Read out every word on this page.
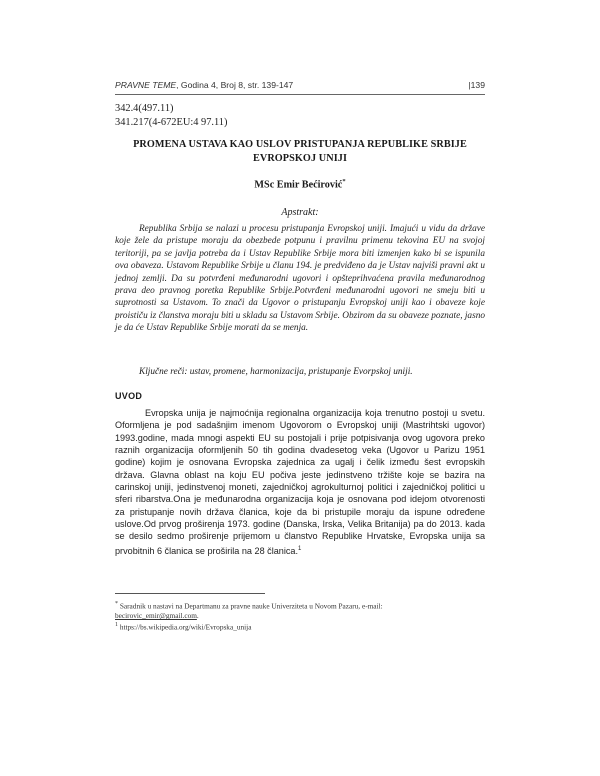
PRAVNE TEME, Godina 4, Broj 8, str. 139-147	|139
342.4(497.11)
341.217(4-672EU:4 97.11)
PROMENA USTAVA KAO USLOV PRISTUPANJA REPUBLIKE SRBIJE EVROPSKOJ UNIJI
MSc Emir Bećirović*
Apstrakt:
Republika Srbija se nalazi u procesu pristupanja Evropskoj uniji. Imajući u vidu da države koje žele da pristupe moraju da obezbede potpunu i pravilnu primenu tekovina EU na svojoj teritoriji, pa se javlja potreba da i Ustav Republike Srbije mora biti izmenjen kako bi se ispunila ova obaveza. Ustavom Republike Srbije u članu 194. je predviđeno da je Ustav najviši pravni akt u jednoj zemlji. Da su potvrđeni međunarodni ugovori i opšteprihvaćena pravila međunarodnog prava deo pravnog poretka Republike Srbije.Potvrđeni međunarodni ugovori ne smeju biti u suprotnosti sa Ustavom. To znači da Ugovor o pristupanju Evropskoj uniji kao i obaveze koje proističu iz članstva moraju biti u skladu sa Ustavom Srbije. Obzirom da su obaveze poznate, jasno je da će Ustav Republike Srbije morati da se menja.
Ključne reči: ustav, promene, harmonizacija, pristupanje Evorpskoj uniji.
UVOD
Evropska unija je najmoćnija regionalna organizacija koja trenutno postoji u svetu. Oformljena je pod sadašnjim imenom Ugovorom o Evropskoj uniji (Mastrihtski ugovor) 1993.godine, mada mnogi aspekti EU su postojali i prije potpisivanja ovog ugovora preko raznih organizacija oformljenih 50 tih godina dvadesetog veka (Ugovor u Parizu 1951 godine) kojim je osnovana Evropska zajednica za ugalj i čelik između šest evropskih država. Glavna oblast na koju EU počiva jeste jedinstveno tržište koje se bazira na carinskoj uniji, jedinstvenoj moneti, zajedničkoj agrokulturnoj politici i zajedničkoj politici u sferi ribarstva.Ona je međunarodna organizacija koja je osnovana pod idejom otvorenosti za pristupanje novih država članica, koje da bi pristupile moraju da ispune određene uslove.Od prvog proširenja 1973. godine (Danska, Irska, Velika Britanija) pa do 2013. kada se desilo sedmo proširenje prijemom u članstvo Republike Hrvatske, Evropska unija sa prvobitnih 6 članica se proširila na 28 članica.$^1$
* Saradnik u nastavi na Departmanu za pravne nauke Univerziteta u Novom Pazaru, e-mail:
becirovic_emir@gmail.com.
$^1$ https://bs.wikipedia.org/wiki/Evropska_unija
